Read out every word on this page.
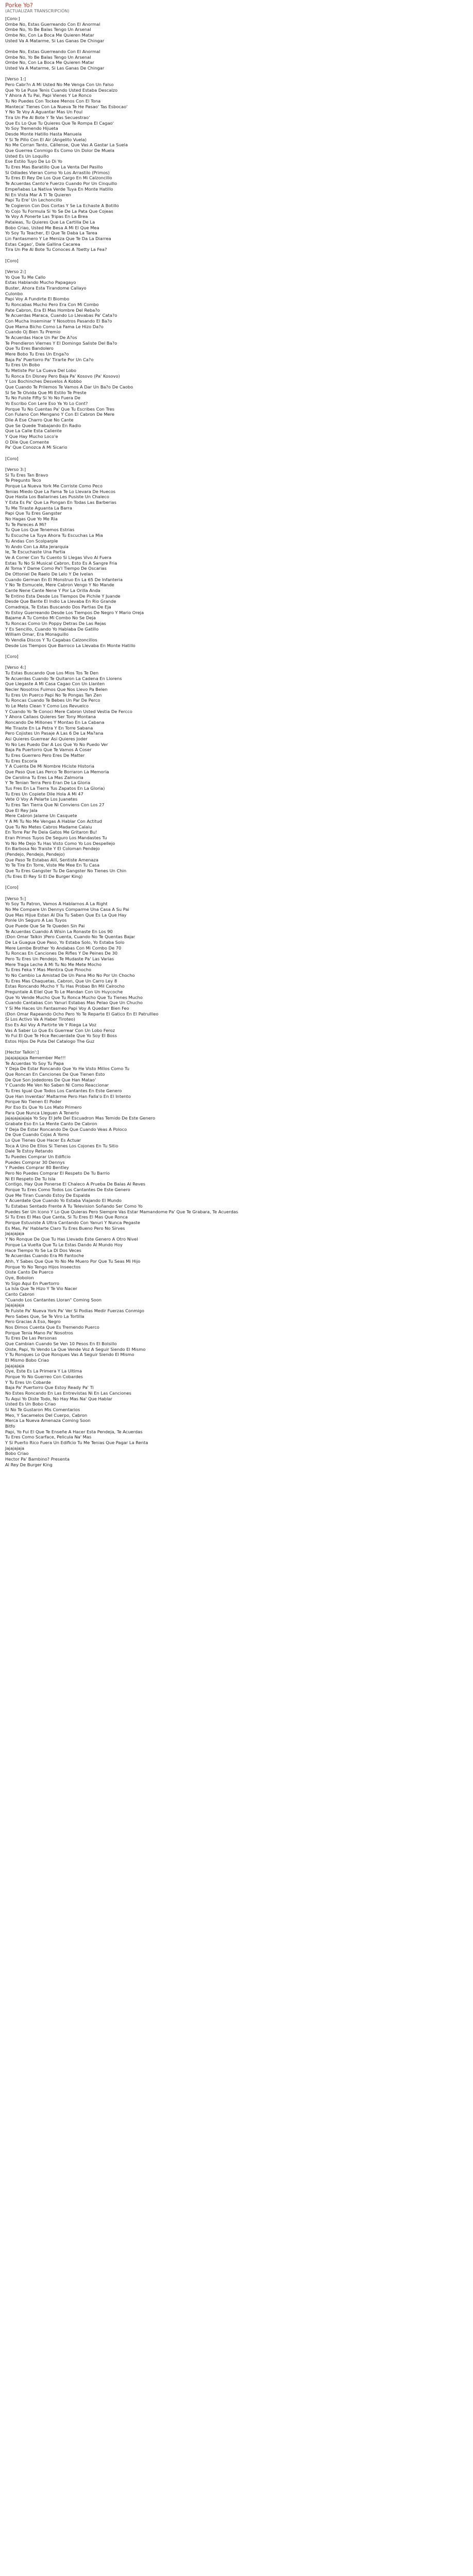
Porke Yo?
(ACTUALIZAR TRANSCRIPCIÓN)
[Coro:]
Ombe No, Estas Guerreando Con El Anormal
Ombe No, Yo Be Balas Tengo Un Arsenal
Ombe No, Con La Boca Me Quieren Matar
Usted Va A Matarme, Si Las Ganas De Chingar

Ombe No, Estas Guerreando Con El Anormal
Ombe No, Yo Be Balas Tengo Un Arsenal
Ombe No, Con La Boca Me Quieren Matar
Usted Va A Matarme, Si Las Ganas De Chingar

[Verso 1:]
Pero Cabr?n A Mi Usted No Me Venga Con Un Falso
Que Yo Le Puse Tenis Cuando Usted Estaba Descalzo
Y Ahora A Tu Pai, Papi Vienes Y Le Ronco
Tu No Puedes Con Tockee Menos Con El Tona
Manteca' Tienes Con La Nueva Te He Pasao' Tas Esbocao'
Y No Te Voy A Aguantar Mas Un Foul
Tira Un Pie Al Bote Y Te Vas Secuestrao'
Que Es Lo Que Tu Quieres Que Te Rompa El Cagao'
Yo Soy Tremendo Hijueta
Desde Monte Hatillo Hasta Manuela
Y Si Te Pillo Con El Air (Angelito Vuela)
No Me Corran Tanto, Cállense, Que Vas A Gastar La Suela
Que Guerrea Conmigo Es Como Un Dolor De Muela
Usted Es Un Loquillo
Ese Estilo Tuyo De Lo Di Yo
Tu Eres Mas Baratillo Que La Venta Del Pasillo
Si Odiades Vieran Como Yo Los Arrastilo (Primos)
Tu Eres El Rey De Los Que Cargo En Mi Calzoncillo
Te Acuerdas Canto'e Fuerzo Cuando Por Un Cinquillo
Empeñabas La Nativa Verde Tuya En Monte Hatillo
Ni En Vista Mar A Ti Te Quieren
Papi Tu Ere' Un Lechoncillo
Te Cogieron Con Dos Cortas Y Se La Echaste A Botillo
Yo Cojo Tu Formula Si Yo Se De La Pata Que Cojeas
Ya Voy A Ponerte Las Tripas En La Brea
Pataleas, Tu Quieres Que La Cartilla De La
Bobo Criao, Usted Me Besa A Mi El Que Mea
Yo Soy Tu Teacher, El Que Te Daba La Tarea
Lin Fantasmero Y Le Meniza Que Te Da La Diarrea
Estas Cagao', Dale Gallina Cacarea
Tira Un Pie Al Bote Tu Conoces A ?betty La Fea?

[Coro]

[Verso 2:]
Yo Que Tu Me Callo
Estas Hablando Mucho Papagayo
Buster, Ahora Esta Tirandome Callayo
Culonbo
Papi Voy A Fundirte El Biombo
Tu Roncabas Mucho Pero Era Con Mi Combo
Pate Cabron, Era El Mas Hombre Del Reba?o
Te Acuerdas Maraca, Cuando Lo Llevabas Pa' Cata?o
Con Mucha Inseminar Y Nosotros Pasando El Ba?o
Que Mama Bicho Como La Fama Le Hizo Da?o
Cuando Oj Bien Tu Premio
Te Acuerdas Hace Un Par De A?os
Te Prendieron Viernes Y El Domingo Saliste Del Ba?o
Que Tu Eres Bandolero
Mere Bobo Tu Eres Un Enga?o
Baja Pa' Puertorro Pa' Tirarte Por Un Ca?o
Tu Eres Un Bobo
Tu Metiste Por La Cueva Del Lobo
Tu Ronca En Disney Pero Baja Pa' Kosovo (Pa' Kosovo)
Y Los Bochinches Desvelos A Kobbo
Que Cuando Te Prilemos Te Vamos A Dar Un Ba?o De Caobo
Si Se Te Olvida Que Mi Estilo Te Preste
Tu No Fuiste Fifty Si Yo No Fuera De
Yo Escribo Con Lere Eso Ya Yo Lo Cont?
Porque Tu No Cuentas Pa' Que Tu Escribes Con Tres
Con Fulano Con Mengano Y Con El Cabron De Mere
Dile A Ese Charro Que No Cante
Que Se Quede Trabajando En Radio
Que La Calle Esta Caliente
Y Que Hay Mucho Loco'e
O Dile Que Comente
Pa' Que Conozca A Mi Sicario

[Coro]

[Verso 3:]
Si Tu Eres Tan Bravo
Te Pregunto Teco
Porque La Nueva York Me Corriste Como Peco
Tenias Miedo Que La Fama Te Lo Llevara De Huecos
Que Hasta Los Bailarines Les Pusiste Un Chaleco
Y Esta Es Pa' Que La Pongan En Todas Las Barberias
Tu Me Tiraste Aguanta La Barra
Papi Que Tu Eres Gangster
No Hagas Que Yo Me Ria
Tu Te Pareces A Mi?
Tu Que Los Que Tenemos Estrias
Tu Escuche La Tuya Ahora Tu Escuchas La Mia
Tu Andas Con Scolparple
Yo Ando Con La Alta Jerarquia
Ie, Te Escuchaste Una Partia
Ve A Correr Con Tu Cuento Si Llegas Vivo Al Fuera
Estas Tu No Si Musical Cabron, Esto Es A Sangre Fria
Al Toma Y Dame Como Pa'l Tiempo De Oscarias
De Ottoniel De Raelo De Lelo Y De Ivelan
Cuando German En El Monstruo En La 65 De Infanteria
Y No Te Esmucele, Mere Cabron Vengo Y No Mande
Cante Nene Cante Nene Y Por La Orilla Anda
Te Entino Esta Desde Los Tiempos De Pichile Y Juande
Desde Que Bante El Indio La Llevaba En Rio Grande
Comadreja, Te Estas Buscando Dos Partias De Eja
Yo Estoy Guerreando Desde Los Tiempos De Negro Y Mario Oreja
Bajame A Tu Combo Mi Combo No Se Deja
Tu Roncas Como Un Poppy Detras De Las Rejas
Y Es Sencillo, Cuando Yo Hablaba De Gatillo
William Omar, Era Monaguillo
Yo Vendia Discos Y Tu Cagabas Calzoncillos
Desde Los Tiempos Que Barroco La Llevaba En Monte Hatillo

[Coro]

[Verso 4:]
Tu Estas Buscando Que Los Mios Tos Te Den
Te Acuerdas Cuando Te Quitaron La Cadena En Llorens
Que Llegaste A Mi Casa Cagao Con Un Llanten
Necler Nosotros Fuimos Que Nos Llevo Pa Belen
Tu Eres Un Puerco Papi No Te Pongas Tan Zen
Tu Roncas Cuando Te Bebes Un Par De Perco
Yo Le Meto Clean Y Como Los Revuelco
Y Cuando Yo Te Conoci Mere Cabron Usted Vestia De Fercco
Y Ahora Callaos Quieres Ser Tony Montana
Roncando De Millones Y Montao En La Cabana
Me Tiraste En La Petra Y En Torre Sabana
Pero Cojistes Un Pasaje A Las 6 De La Ma?ana
Asi Quieres Guerrear Asi Quieres Joder
Yo No Les Puedo Dar A Los Que Yo No Puedo Ver
Baja Pa Puertorro Que Te Vamos A Coser
Tu Eres Guerrero Pero Eres De Matter
Tu Eres Escoria
Y A Cuenta De Mi Nombre Hiciste Historia
Que Paso Que Las Perco Te Borraron La Memoria
De Carolina Tu Eres La Mas Zalmoria
Y Te Tenian Terra Pero Eran De La Gloria
Tus Fres En La Tierra Tus Zapatos En La Gloria)
Tu Eres Un Copiete Dile Hola A Mi 47
Vete O Voy A Pelarte Los Juanetes
Tu Eres Tan Tierra Que Ni Conviens Con Los 27
Que El Rey Jala
Mere Cabron Jalame Un Casquete
Y A Mi Tu No Me Vengas A Hablar Con Actitud
Que Tu No Metes Cabros Madame Calaiu
En Torre Par Pe Dela Gatos Me Gritaron Bu!
Eran Primos Tuyos De Seguro Los Mandastes Tu
Yo No Me Dejo Tu Has Visto Como Yo Los Despellejo
En Barbosa No Traiste Y El Coloman Pendejo
(Pendejo, Pendejo, Pendejo)
Que Paso Te Estabas Allí, Sentiste Amenaza
Yo Te Tire En Torre, Viste Me Mee En Tu Casa
Que Tu Eres Gangster Tu De Gangster No Tienes Un Chin
(Tu Eres El Rey Si El De Burger King)

[Coro]

[Verso 5:]
Yo Soy Tu Patron, Vamos A Hablarnos A La Right
No Me Compare Un Dennys Comparme Una Casa A Su Pai
Que Mas Hijue Estan Al Dia Tu Saben Que Es La Que Hay
Ponle Un Seguro A Las Tuyos
Que Puede Que Se Te Queden Sin Pai
Te Acuerdas Cuando A Wisin La Ronaste En Los 90
(Don Omar Talkin )Pero Cuenta, Cuando No Te Quentas Bajar
De La Guagua Que Paso, Yo Estaba Solo, Yo Estaba Solo
Mere Lembe Brother Yo Andabas Con Mi Combo De 70
Tu Roncas En Canciones De Rifles Y De Peines De 30
Pero Tu Eres Un Pendejo, Te Mudaste Pa' Las Varias
Mere Traga Leche A Mi Tu No Me Mete Mocho
Tu Eres Feka Y Mas Mentira Que Pinocho
Yo No Cambio La Amistad De Un Pana Mio No Por Un Chocho
Tu Eres Mas Chaquetas, Cabron, Que Un Carro Ley 8
Estas Roncando Mucho Y Tu Has Probao Bn Mil Calrocho
Preguntale A Eliel Que To Le Mandan Con Un Huycoche
Que Yo Vende Mucho Que Tu Ronca Mucho Que Tu Tienes Mucho
Cuando Cantabas Con Yanuri Estabas Mas Pelao Que Un Chucho
Y Si Me Haces Un Fantasmeo Papi Voy A Quedarr Bien Feo
(Don Omar Rapeando Ocho Pero Yo Te Reparte El Gatico En El Patrullleo
Si Los Activo Va A Haber Tiroteo)
Eso Es Asi Voy A Partirte Ve Y Riega La Voz
Vas A Saber Lo Que Es Guerrear Con Un Lobo Feroz
Yo Fui El Que Te Hice Recuerdate Que Yo Soy El Boss
Estos Hijos De Puta Del Catalogo The Guz

[Hector Talkin':]
Jajajajajaja Remember Me!!!
Te Acuerdas Yo Soy Tu Papa
Y Deja De Estar Roncando Que Yo He Visto Millos Como Tu
Que Roncan En Canciones De Que Tienen Esto
De Que Son Jodedores De Que Han Matao'
Y Cuando Me Ven No Saben Ni Como Reaccionar
Tu Eres Igual Que Todos Los Cantantes En Este Genero
Que Han Inventao' Maltarme Pero Han Falla'o En El Intento
Porque No Tienen El Poder
Por Eso Es Que Yo Los Mato Primero
Para Que Nunca Lleguen A Tenerlo
Jajajajajajaja Yo Soy El Jefe Del Escuadron Mas Temido De Este Genero
Grabate Eso En La Mente Canto De Cabron
Y Deja De Estar Roncando De Que Cuando Veas A Poloco
De Que Cuando Cojas A Yomo
Lo Que Tienes Que Hacer Es Actuar
Toca A Uno De Ellos Si Tienes Los Cojones En Tu Sitio
Dale Te Estoy Retando
Tu Puedes Comprar Un Edificio
Puedes Comprar 30 Dennys
Y Puedes Comprar 80 Bentley
Pero No Puedes Comprar El Respeto De Tu Barrio
Ni El Respeto De Tu Isla
Contigo, Hay Que Ponerse El Chaleco A Prueba De Balas Al Reves
Porque Tu Eres Como Todos Los Cantantes De Este Genero
Que Me Tiran Cuando Estoy De Espalda
Y Acuerdate Que Cuando Yo Estaba Viajando El Mundo
Tu Estabas Sentado Frente A Tu Television Soñando Ser Como Yo
Puedes Ser Un Icono Y Lo Que Quieras Pero Siempre Vas Estar Mamandome Pa' Que Te Grabara, Te Acuerdas
Si Tu Eres El Mas Que Canta, Si Tu Eres El Mas Que Ronca
Porque Estuviste A Ultra Cantando Con Yanuri Y Nunca Pegaste
Es Mas, Pa' Hablarte Claro Tu Eres Bueno Pero No Sirves
Jajajajaja
Y No Ronque De Que Tu Has Llevado Este Genero A Otro Nivel
Porque La Vuelta Que Tu Le Estas Dando Al Mundo Hoy
Hace Tiempo Yo Se La Di Dos Veces
Te Acuerdas Cuando Era Mi Fantoche
Ahh, Y Sabes Que Que Yo No Me Muero Por Que Tu Seas Mi Hijo
Porque Yo No Tengo Hijos Inseectos
Oiste Canto De Puerco
Oye, Bobolon
Yo Sigo Aqui En Puertorro
La Isla Que Te Hizo Y Te Vio Nacer
Canto Cabron
"Cuando Los Cantantes Lloran" Coming Soon
Jajajajaja
Te Fuiste Pa' Nueva York Pa' Ver Si Podias Medir Fuerzas Conmigo
Pero Sabes Que, Se Te Viro La Tortilla
Pero Gracias A Eso, Negro
Nos Dimos Cuenta Que Es Tremendo Puerco
Porque Tenia Mano Pa' Nosotros
Tu Eres De Las Personas
Que Cambian Cuando Se Ven 10 Pesos En El Bolsillo
Oiste, Papi, Yo Vendo La Que Vende Voz A Seguir Siendo El Mismo
Y Tu Ronques Lo Que Ronques Vas A Seguir Siendo El Mismo
El Mismo Bobo Criao
Jajajajaja
Oye, Este Es La Primera Y La Ultima
Porque Yo No Guerreo Con Cobardes
Y Tu Eres Un Cobarde
Baja Pa' Puertorro Que Estoy Ready Pa' Ti
No Estes Roncando En Las Entrevistas Ni En Las Canciones
Tu Aqui Yo Diste Todo, No Hay Mas Na' Que Hablar
Usted Es Un Bobo Criao
Si No Te Gustaron Mis Comentarios
Meo, Y Sacamelos Del Cuerpo, Cabron
Merca La Nueva Amenaza Coming Soon
Bitfo
Papi, Yo Fui El Que Te Enseñe A Hacer Esta Pendeja, Te Acuerdas
Tu Eres Como Scarface, Pelicula Na' Mas
Y Si Puerto Rico Fuera Un Edificio Tu Me Tenias Que Pagar La Renta
Jajajajaja
Bobo Criao
Hector Pa' Bambino? Presenta
Al Rey De Burger King
